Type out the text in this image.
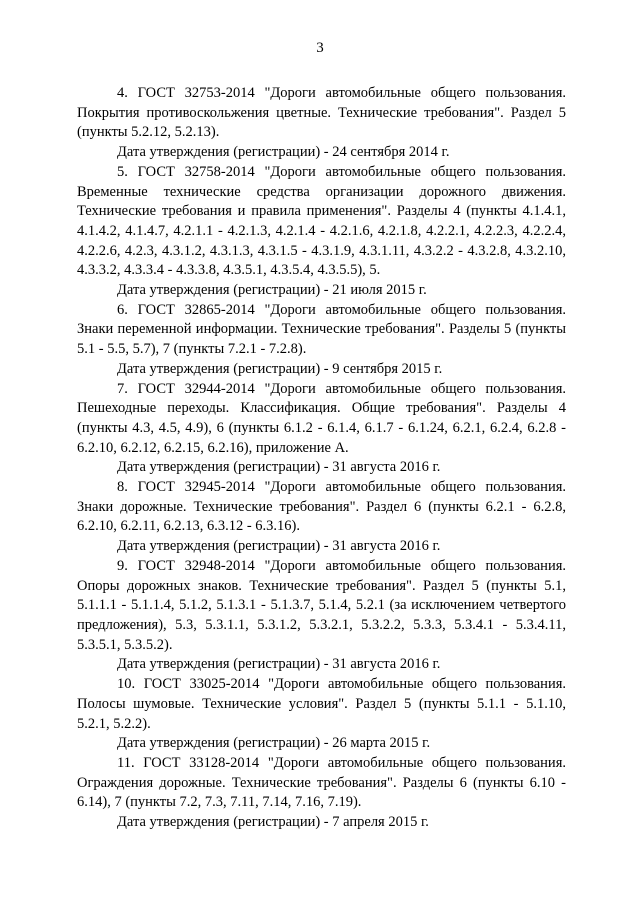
3

4. ГОСТ 32753-2014 "Дороги автомобильные общего пользования. Покрытия противоскольжения цветные. Технические требования". Раздел 5 (пункты 5.2.12, 5.2.13).

Дата утверждения (регистрации) - 24 сентября 2014 г.

5. ГОСТ 32758-2014 "Дороги автомобильные общего пользования. Временные технические средства организации дорожного движения. Технические требования и правила применения". Разделы 4 (пункты 4.1.4.1, 4.1.4.2, 4.1.4.7, 4.2.1.1 - 4.2.1.3, 4.2.1.4 - 4.2.1.6, 4.2.1.8, 4.2.2.1, 4.2.2.3, 4.2.2.4, 4.2.2.6, 4.2.3, 4.3.1.2, 4.3.1.3, 4.3.1.5 - 4.3.1.9, 4.3.1.11, 4.3.2.2 - 4.3.2.8, 4.3.2.10, 4.3.3.2, 4.3.3.4 - 4.3.3.8, 4.3.5.1, 4.3.5.4, 4.3.5.5), 5.

Дата утверждения (регистрации) - 21 июля 2015 г.

6. ГОСТ 32865-2014 "Дороги автомобильные общего пользования. Знаки переменной информации. Технические требования". Разделы 5 (пункты 5.1 - 5.5, 5.7), 7 (пункты 7.2.1 - 7.2.8).

Дата утверждения (регистрации) - 9 сентября 2015 г.

7. ГОСТ 32944-2014 "Дороги автомобильные общего пользования. Пешеходные переходы. Классификация. Общие требования". Разделы 4 (пункты 4.3, 4.5, 4.9), 6 (пункты 6.1.2 - 6.1.4, 6.1.7 - 6.1.24, 6.2.1, 6.2.4, 6.2.8 - 6.2.10, 6.2.12, 6.2.15, 6.2.16), приложение А.

Дата утверждения (регистрации) - 31 августа 2016 г.

8. ГОСТ 32945-2014 "Дороги автомобильные общего пользования. Знаки дорожные. Технические требования". Раздел 6 (пункты 6.2.1 - 6.2.8, 6.2.10, 6.2.11, 6.2.13, 6.3.12 - 6.3.16).

Дата утверждения (регистрации) - 31 августа 2016 г.

9. ГОСТ 32948-2014 "Дороги автомобильные общего пользования. Опоры дорожных знаков. Технические требования". Раздел 5 (пункты 5.1, 5.1.1.1 - 5.1.1.4, 5.1.2, 5.1.3.1 - 5.1.3.7, 5.1.4, 5.2.1 (за исключением четвертого предложения), 5.3, 5.3.1.1, 5.3.1.2, 5.3.2.1, 5.3.2.2, 5.3.3, 5.3.4.1 - 5.3.4.11, 5.3.5.1, 5.3.5.2).

Дата утверждения (регистрации) - 31 августа 2016 г.

10. ГОСТ 33025-2014 "Дороги автомобильные общего пользования. Полосы шумовые. Технические условия". Раздел 5 (пункты 5.1.1 - 5.1.10, 5.2.1, 5.2.2).

Дата утверждения (регистрации) - 26 марта 2015 г.

11. ГОСТ 33128-2014 "Дороги автомобильные общего пользования. Ограждения дорожные. Технические требования". Разделы 6 (пункты 6.10 - 6.14), 7 (пункты 7.2, 7.3, 7.11, 7.14, 7.16, 7.19).

Дата утверждения (регистрации) - 7 апреля 2015 г.
